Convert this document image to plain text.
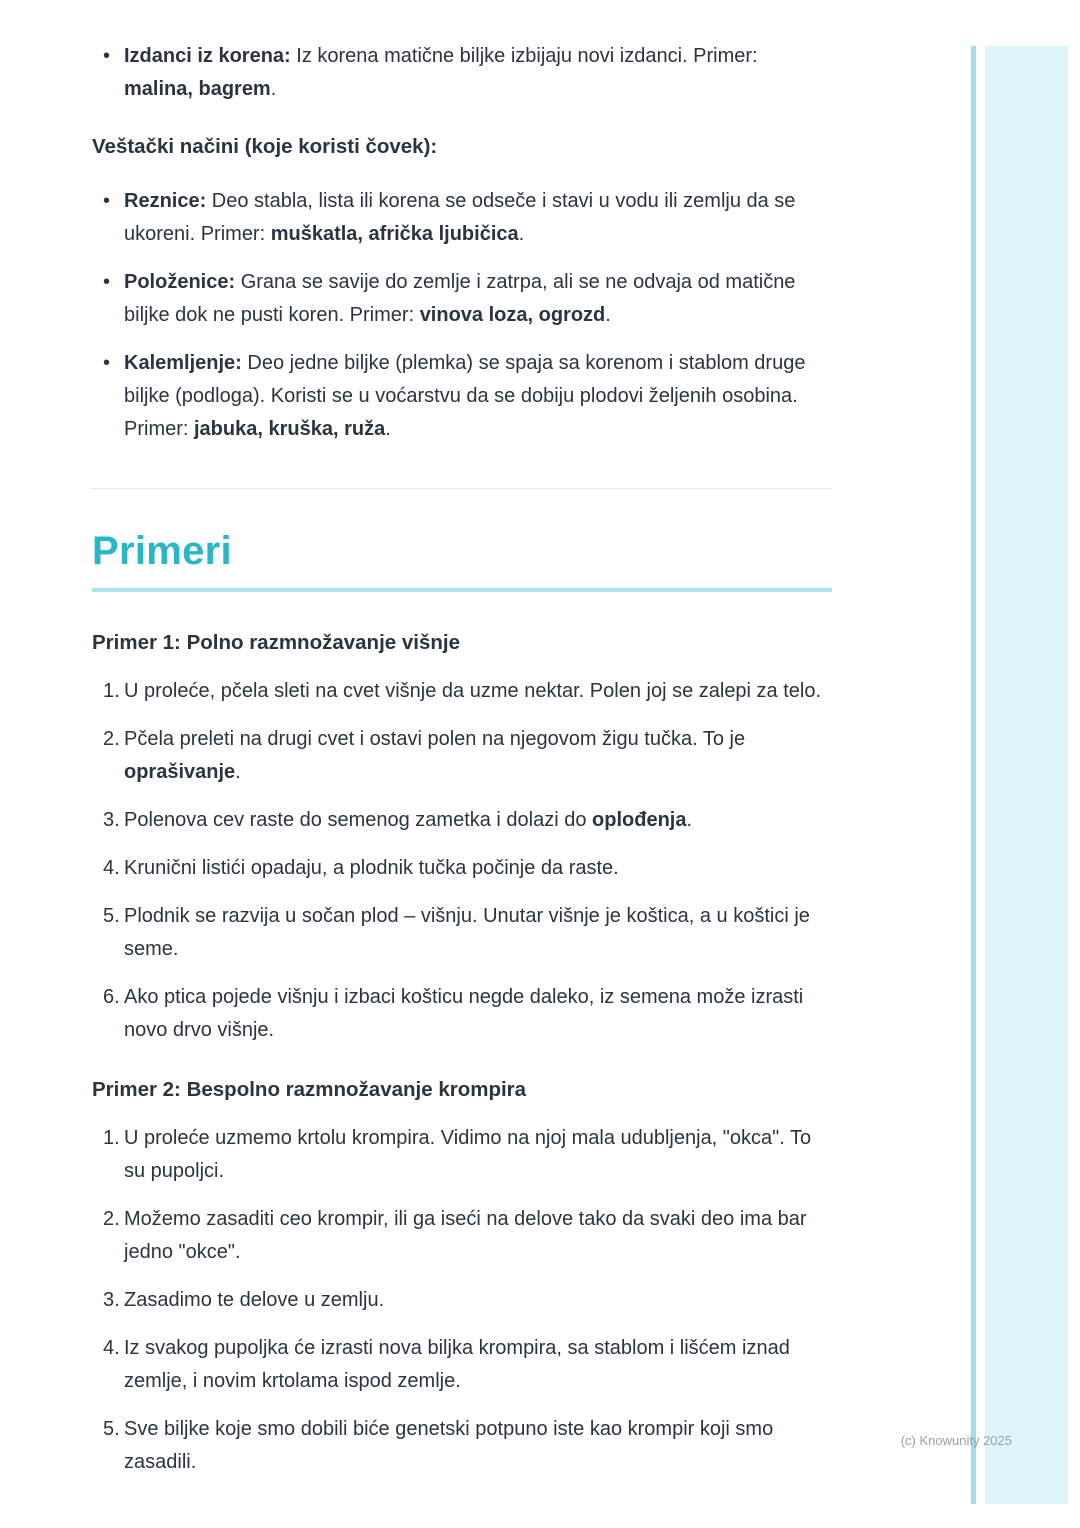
• Izdanci iz korena: Iz korena matične biljke izbijaju novi izdanci. Primer: malina, bagrem.

Veštački načini (koje koristi čovek):

• Reznice: Deo stabla, lista ili korena se odseče i stavi u vodu ili zemlju da se ukoreni. Primer: muškatla, afrička ljubičica.

• Položenice: Grana se savije do zemlje i zatrpa, ali se ne odvaja od matične biljke dok ne pusti koren. Primer: vinova loza, ogrozd.

• Kalemljenje: Deo jedne biljke (plemka) se spaja sa korenom i stablom druge biljke (podloga). Koristi se u voćarstvu da se dobiju plodovi željenih osobina. Primer: jabuka, kruška, ruža.

Primeri

Primer 1: Polno razmnožavanje višnje

1. U proleće, pčela sleti na cvet višnje da uzme nektar. Polen joj se zalepi za telo.

2. Pčela preleti na drugi cvet i ostavi polen na njegovom žigu tučka. To je oprašivanje.

3. Polenova cev raste do semenog zametka i dolazi do oplođenja.

4. Krunični listići opadaju, a plodnik tučka počinje da raste.

5. Plodnik se razvija u sočan plod – višnju. Unutar višnje je koštica, a u koštici je seme.

6. Ako ptica pojede višnju i izbaci košticu negde daleko, iz semena može izrasti novo drvo višnje.

Primer 2: Bespolno razmnožavanje krompira

1. U proleće uzmemo krtolu krompira. Vidimo na njoj mala udubljenja, "okca". To su pupoljci.

2. Možemo zasaditi ceo krompir, ili ga iseći na delove tako da svaki deo ima bar jedno "okce".

3. Zasadimo te delove u zemlju.

4. Iz svakog pupoljka će izrasti nova biljka krompira, sa stablom i lišćem iznad zemlje, i novim krtolama ispod zemlje.

5. Sve biljke koje smo dobili biće genetski potpuno iste kao krompir koji smo zasadili.

(c) Knowunity 2025
